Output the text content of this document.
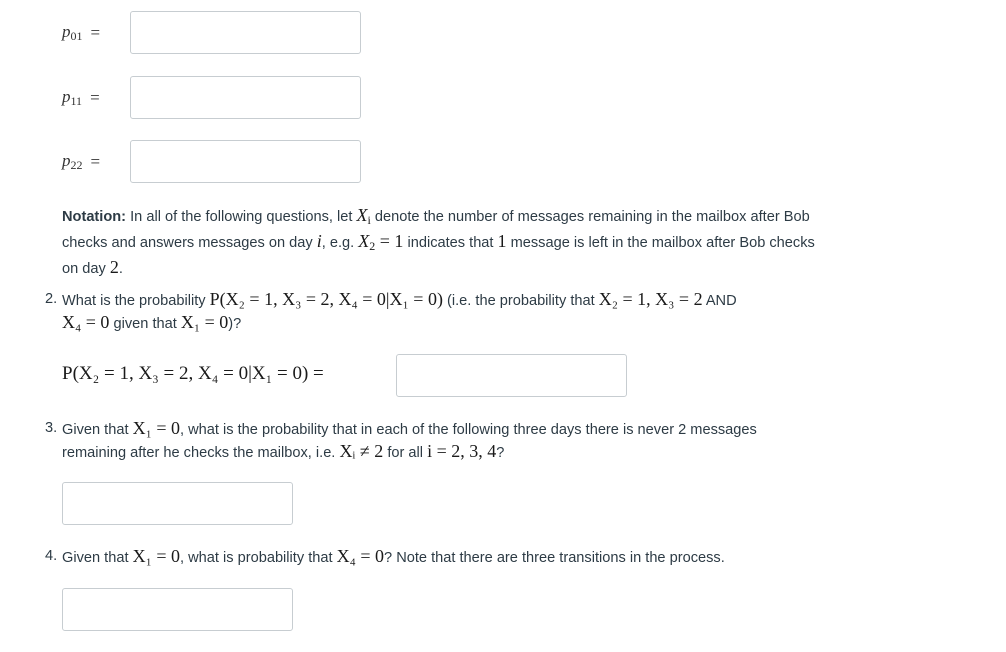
p01 =
p11 =
p22 =
Notation: In all of the following questions, let $X_i$ denote the number of messages remaining in the mailbox after Bob
checks and answers messages on day i, e.g. $X_2 = 1$ indicates that 1 message is left in the mailbox after Bob checks
on day 2.
2. What is the probability P(X₂ = 1, X₃ = 2, X₄ = 0|X₁ = 0) (i.e. the probability that X₂ = 1, X₃ = 2 AND
X₄ = 0 given that X₁ = 0)?
P(X₂ = 1, X₃ = 2, X₄ = 0|X₁ = 0) =
3. Given that X₁ = 0, what is the probability that in each of the following three days there is never 2 messages
remaining after he checks the mailbox, i.e. Xᵢ ≠ 2 for all i = 2, 3, 4?
4. Given that X₁ = 0, what is probability that X₄ = 0? Note that there are three transitions in the process.
